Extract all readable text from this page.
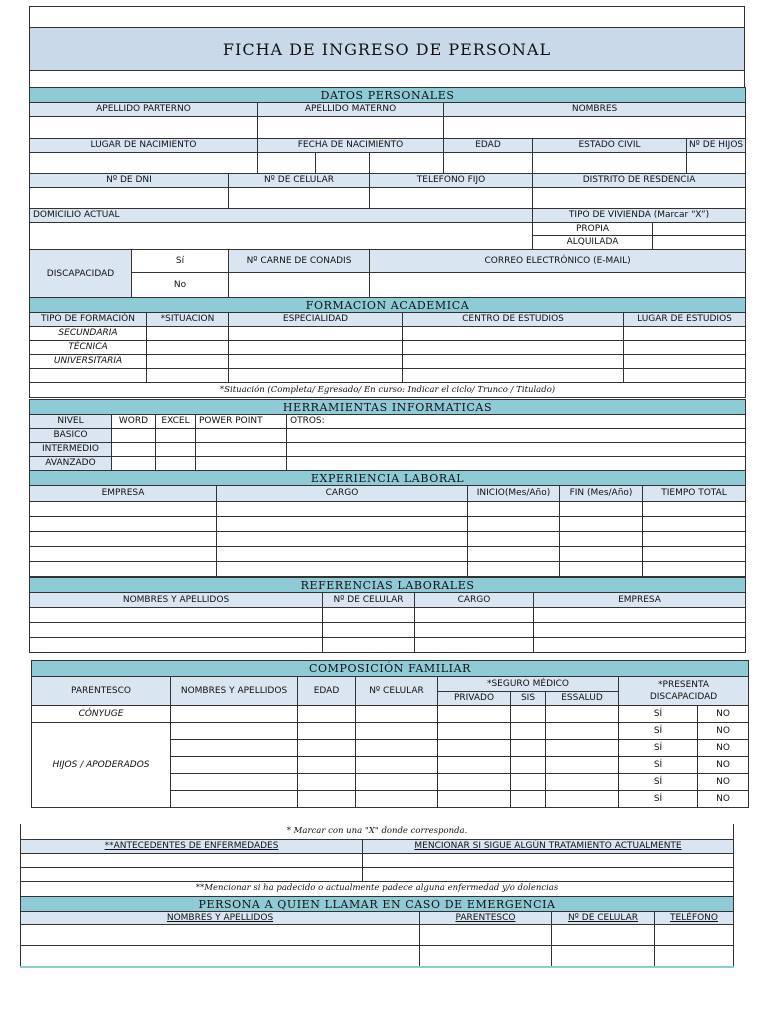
FICHA DE INGRESO DE PERSONAL
DATOS PERSONALES									
APELLIDO PARTERNO			APELLIDO MATERNO			NOMBRES			

LUGAR DE NACIMIENTO			FECHA DE NACIMIENTO			EDAD	ESTADO CIVIL		Nº DE HIJOS

Nº DE DNI		Nº DE CELULAR			TELEFONO FIJO		DISTRITO DE RESDENCIA		

DOMICILIO ACTUAL							TIPO DE VIVIENDA (Marcar “X”)		
							PROPIA		
							ALQUILADA		
DISCAPACIDAD	Sí	Nº CARNE DE CONADIS			CORREO ELECTRÓNICO (E-MAIL)				
	No								
FORMACION ACADEMICA				
TIPO DE FORMACIÓN	*SITUACION	ESPECIALIDAD	CENTRO DE ESTUDIOS	LUGAR DE ESTUDIOS
SECUNDARIA				
TÉCNICA				
UNIVERSITARIA				

*Situación (Completa/ Egresado/ En curso: Indicar el ciclo/ Trunco / Titulado)				
HERRAMIENTAS INFORMATICAS				
NIVEL	WORD	EXCEL	POWER POINT	OTROS:
BASICO				
INTERMEDIO				
AVANZADO				
EXPERIENCIA LABORAL				
EMPRESA	CARGO	INICIO(Mes/Año)	FIN (Mes/Año)	TIEMPO TOTAL

REFERENCIAS LABORALES			
NOMBRES Y APELLIDOS	Nº DE CELULAR	CARGO	EMPRESA

COMPOSICIÓN FAMILIAR								
PARENTESCO	NOMBRES Y APELLIDOS	EDAD	Nº CELULAR	*SEGURO MÉDICO			*PRESENTA
DISCAPACIDAD	

				PRIVADO	SIS	ESSALUD		
CÓNYUGE							SÍ	NO
HIJOS / APODERADOS							SÍ	NO
							SÍ	NO
							SÍ	NO
							SÍ	NO
							SÍ	NO
* Marcar con una "X" donde corresponda.	
**ANTECEDENTES DE ENFERMEDADES	MENCIONAR SI SIGUE ALGÚN TRATAMIENTO ACTUALMENTE

**Mencionar si ha padecido o actualmente padece alguna enfermedad y/o dolencias	
PERSONA A QUIEN LLAMAR EN CASO DE EMERGENCIA			
NOMBRES Y APELLIDOS	PARENTESCO	Nº DE CELULAR	TELÉFONO
